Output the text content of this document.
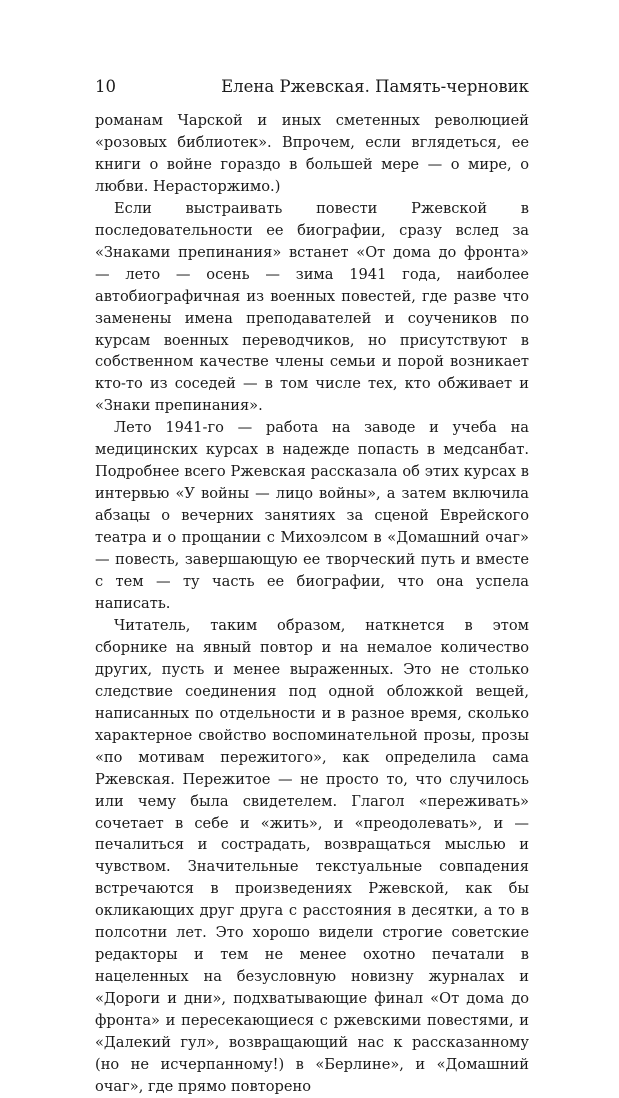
10	Елена Ржевская. Память-черновик

романам Чарской и иных сметенных революцией «розовых библиотек». Впрочем, если вглядеться, ее книги о войне гораздо в большей мере — о мире, о любви. Нерасторжимо.)

Если выстраивать повести Ржевской в последовательности ее биографии, сразу вслед за «Знаками препинания» встанет «От дома до фронта» — лето — осень — зима 1941 года, наиболее автобиографичная из военных повестей, где разве что заменены имена преподавателей и соучеников по курсам военных переводчиков, но присутствуют в собственном качестве члены семьи и порой возникает кто-то из соседей — в том числе тех, кто обживает и «Знаки препинания».

Лето 1941-го — работа на заводе и учеба на медицинских курсах в надежде попасть в медсанбат. Подробнее всего Ржевская рассказала об этих курсах в интервью «У войны — лицо войны», а затем включила абзацы о вечерних занятиях за сценой Еврейского театра и о прощании с Михоэлсом в «Домашний очаг» — повесть, завершающую ее творческий путь и вместе с тем — ту часть ее биографии, что она успела написать.

Читатель, таким образом, наткнется в этом сборнике на явный повтор и на немалое количество других, пусть и менее выраженных. Это не столько следствие соединения под одной обложкой вещей, написанных по отдельности и в разное время, сколько характерное свойство воспоминательной прозы, прозы «по мотивам пережитого», как определила сама Ржевская. Пережитое — не просто то, что случилось или чему была свидетелем. Глагол «переживать» сочетает в себе и «жить», и «преодолевать», и — печалиться и сострадать, возвращаться мыслью и чувством. Значительные текстуальные совпадения встречаются в произведениях Ржевской, как бы окликающих друг друга с расстояния в десятки, а то в полсотни лет. Это хорошо видели строгие советские редакторы и тем не менее охотно печатали в нацеленных на безусловную новизну журналах и «Дороги и дни», подхватывающие финал «От дома до фронта» и пересекающиеся с ржевскими повестями, и «Далекий гул», возвращающий нас к рассказанному (но не исчерпанному!) в «Берлине», и «Домашний очаг», где прямо повторено
